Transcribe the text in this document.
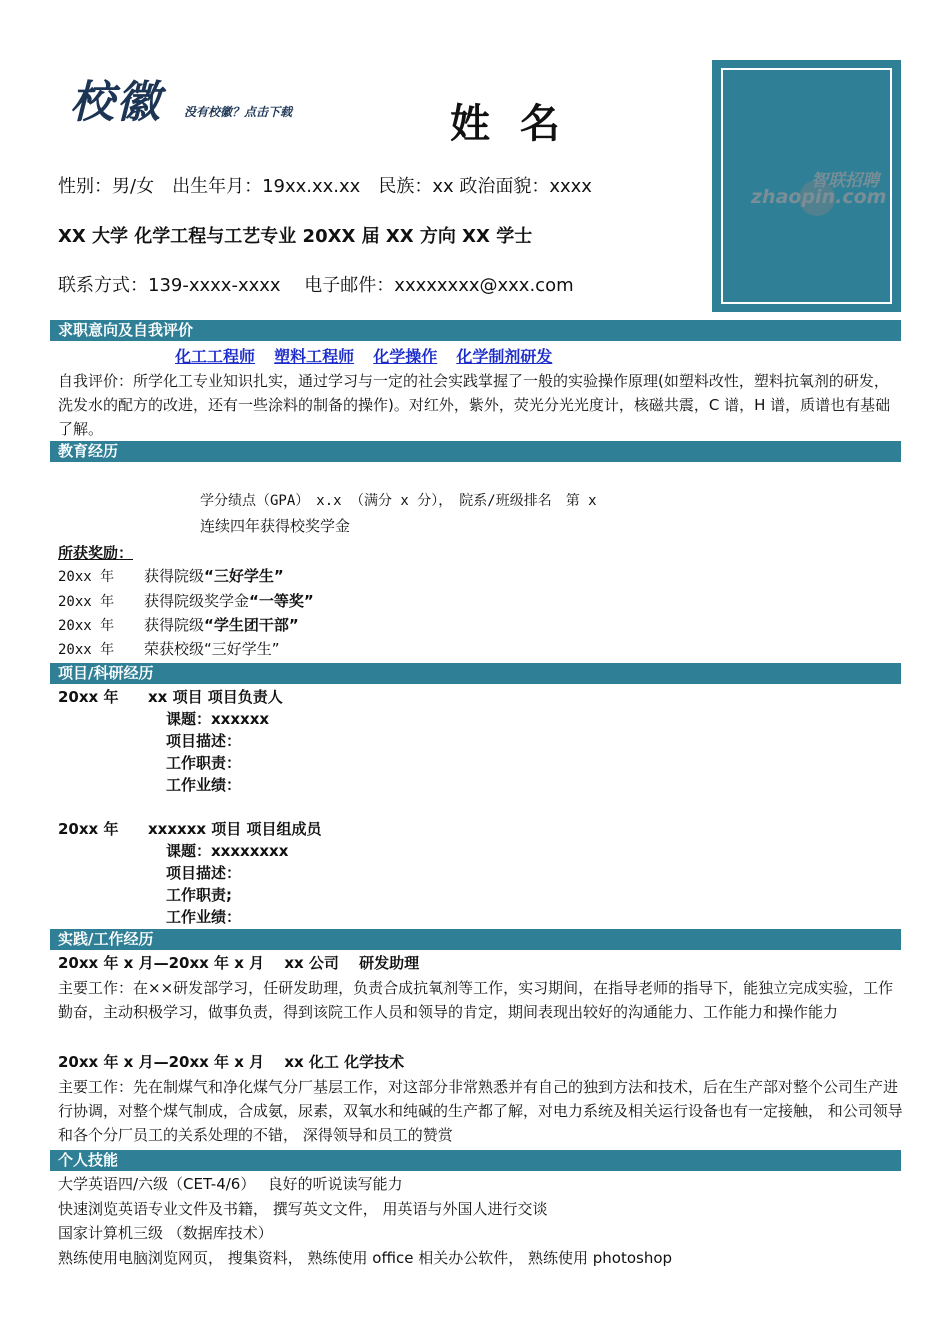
校徽 没有校徽？点击下载	姓 名
性别：男/女　出生年月：19xx.xx.xx　民族：xx 政治面貌：xxxx
XX 大学 化学工程与工艺专业 20XX 届 XX 方向 XX 学士
联系方式：139-xxxx-xxxx　 电子邮件：xxxxxxxx@xxx.com
智联招聘
zhaopin.com
求职意向及自我评价
化工工程师 塑料工程师 化学操作 化学制剂研发
自我评价：所学化工专业知识扎实，通过学习与一定的社会实践掌握了一般的实验操作原理(如塑料改性，塑料抗氧剂的研发，洗发水的配方的改进，还有一些涂料的制备的操作)。对红外，紫外，荧光分光光度计，核磁共震，C 谱，H 谱，质谱也有基础了解。
教育经历
学分绩点（GPA）　x.x （满分 x 分），　院系/班级排名　第 x
连续四年获得校奖学金
所获奖励：
20xx 年 获得院级“三好学生”
20xx 年 获得院级奖学金“一等奖”
20xx 年 获得院级“学生团干部”
20xx 年 荣获校级“三好学生”
项目/科研经历
20xx 年 xx 项目 项目负责人
课题：xxxxxx
项目描述：
工作职责：
工作业绩：
20xx 年 xxxxxx 项目 项目组成员
课题：xxxxxxxx
项目描述：
工作职责;
工作业绩：
实践/工作经历
20xx 年 x 月—20xx 年 x 月　 xx 公司　 研发助理
主要工作：在××研发部学习，任研发助理，负责合成抗氧剂等工作，实习期间，在指导老师的指导下，能独立完成实验，工作勤奋，主动积极学习，做事负责，得到该院工作人员和领导的肯定，期间表现出较好的沟通能力、工作能力和操作能力
20xx 年 x 月—20xx 年 x 月　 xx 化工 化学技术
主要工作：先在制煤气和净化煤气分厂基层工作，对这部分非常熟悉并有自己的独到方法和技术，后在生产部对整个公司生产进行协调，对整个煤气制成，合成氨，尿素，双氧水和纯碱的生产都了解，对电力系统及相关运行设备也有一定接触， 和公司领导和各个分厂员工的关系处理的不错， 深得领导和员工的赞赏
个人技能
大学英语四/六级（CET-4/6）　 良好的听说读写能力
快速浏览英语专业文件及书籍， 撰写英文文件， 用英语与外国人进行交谈
国家计算机三级 （数据库技术）
熟练使用电脑浏览网页， 搜集资料， 熟练使用 office 相关办公软件， 熟练使用 photoshop
